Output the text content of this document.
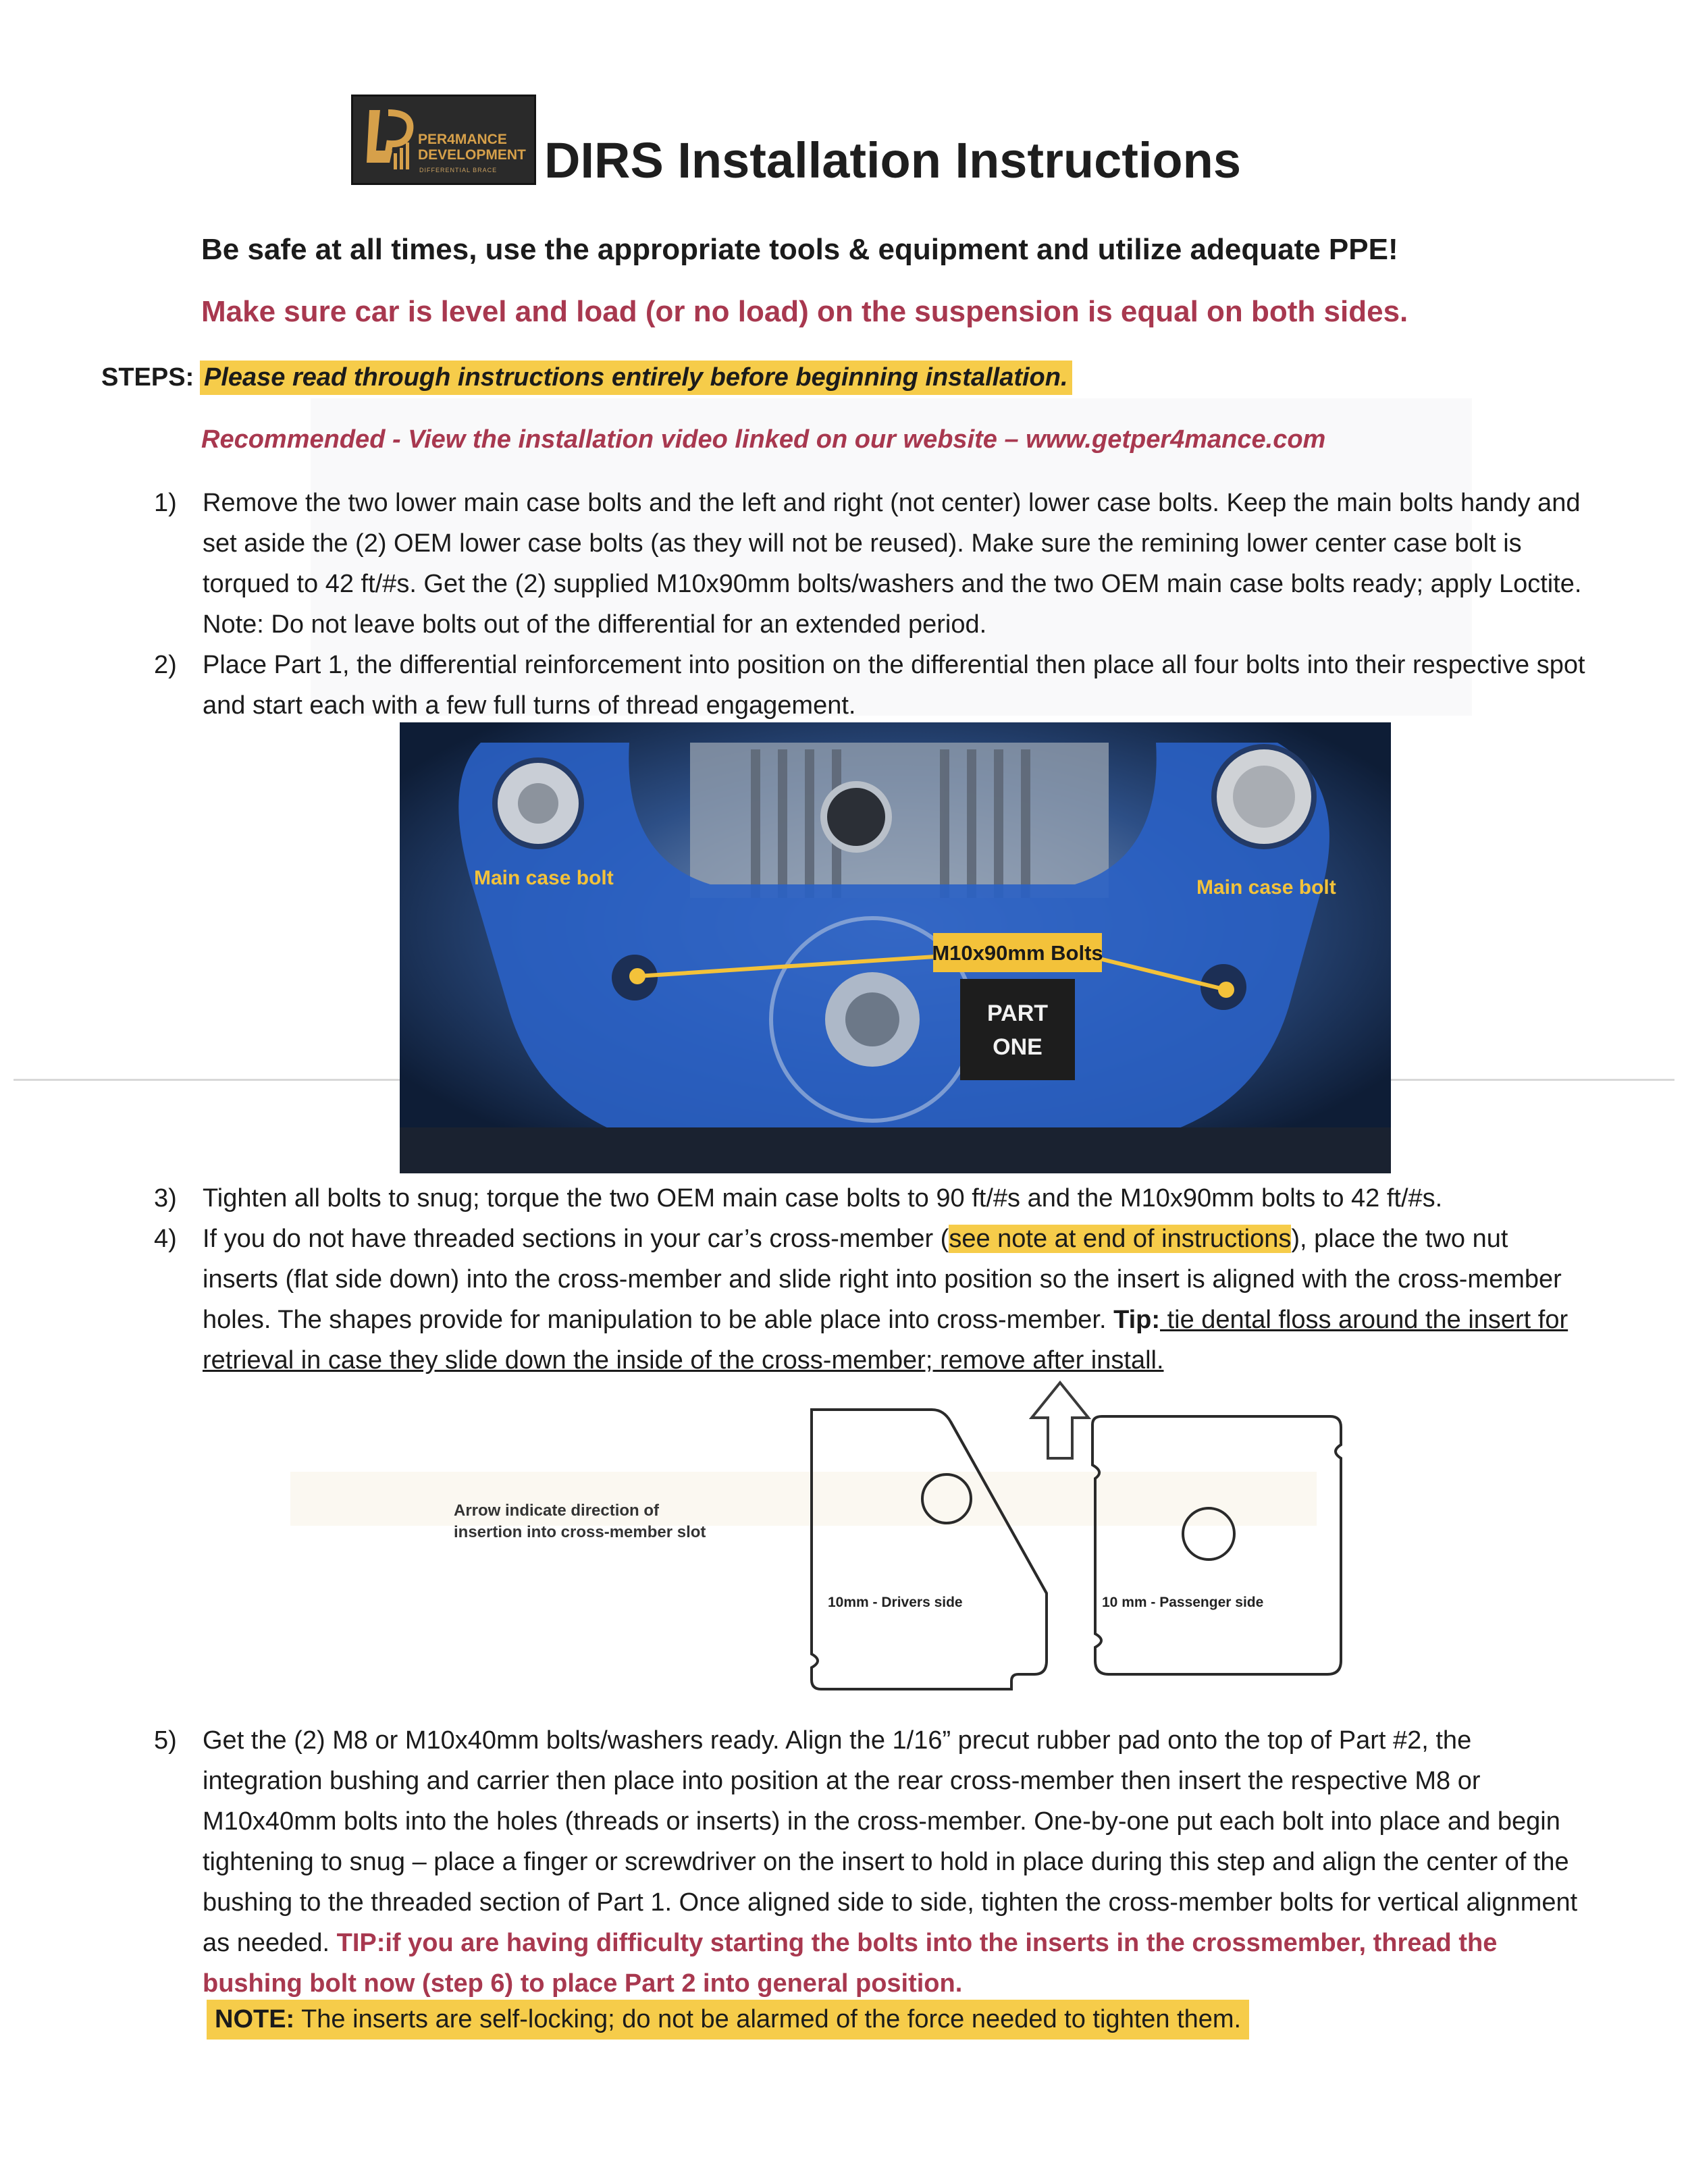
PER4MANCE
DEVELOPMENT
DIFFERENTIAL BRACE DIRS Installation Instructions
Be safe at all times, use the appropriate tools & equipment and utilize adequate PPE!
Make sure car is level and load (or no load) on the suspension is equal on both sides.
STEPS: Please read through instructions entirely before beginning installation.
Recommended - View the installation video linked on our website – www.getper4mance.com
1) Remove the two lower main case bolts and the left and right (not center) lower case bolts. Keep the main bolts handy and set aside the (2) OEM lower case bolts (as they will not be reused). Make sure the remining lower center case bolt is torqued to 42 ft/#s. Get the (2) supplied M10x90mm bolts/washers and the two OEM main case bolts ready; apply Loctite. Note: Do not leave bolts out of the differential for an extended period.
2) Place Part 1, the differential reinforcement into position on the differential then place all four bolts into their respective spot and start each with a few full turns of thread engagement.
Main case bolt	Main case bolt
M10x90mm Bolts
PART
ONE
3) Tighten all bolts to snug; torque the two OEM main case bolts to 90 ft/#s and the M10x90mm bolts to 42 ft/#s.
4) If you do not have threaded sections in your car’s cross-member (see note at end of instructions), place the two nut inserts (flat side down) into the cross-member and slide right into position so the insert is aligned with the cross-member holes. The shapes provide for manipulation to be able place into cross-member. Tip: tie dental floss around the insert for retrieval in case they slide down the inside of the cross-member; remove after install.
Arrow indicate direction of
insertion into cross-member slot
10mm - Drivers side	10 mm - Passenger side
5) Get the (2) M8 or M10x40mm bolts/washers ready. Align the 1/16” precut rubber pad onto the top of Part #2, the integration bushing and carrier then place into position at the rear cross-member then insert the respective M8 or M10x40mm bolts into the holes (threads or inserts) in the cross-member. One-by-one put each bolt into place and begin tightening to snug – place a finger or screwdriver on the insert to hold in place during this step and align the center of the bushing to the threaded section of Part 1. Once aligned side to side, tighten the cross-member bolts for vertical alignment as needed. TIP:if you are having difficulty starting the bolts into the inserts in the crossmember, thread the bushing bolt now (step 6) to place Part 2 into general position.
NOTE: The inserts are self-locking; do not be alarmed of the force needed to tighten them.
